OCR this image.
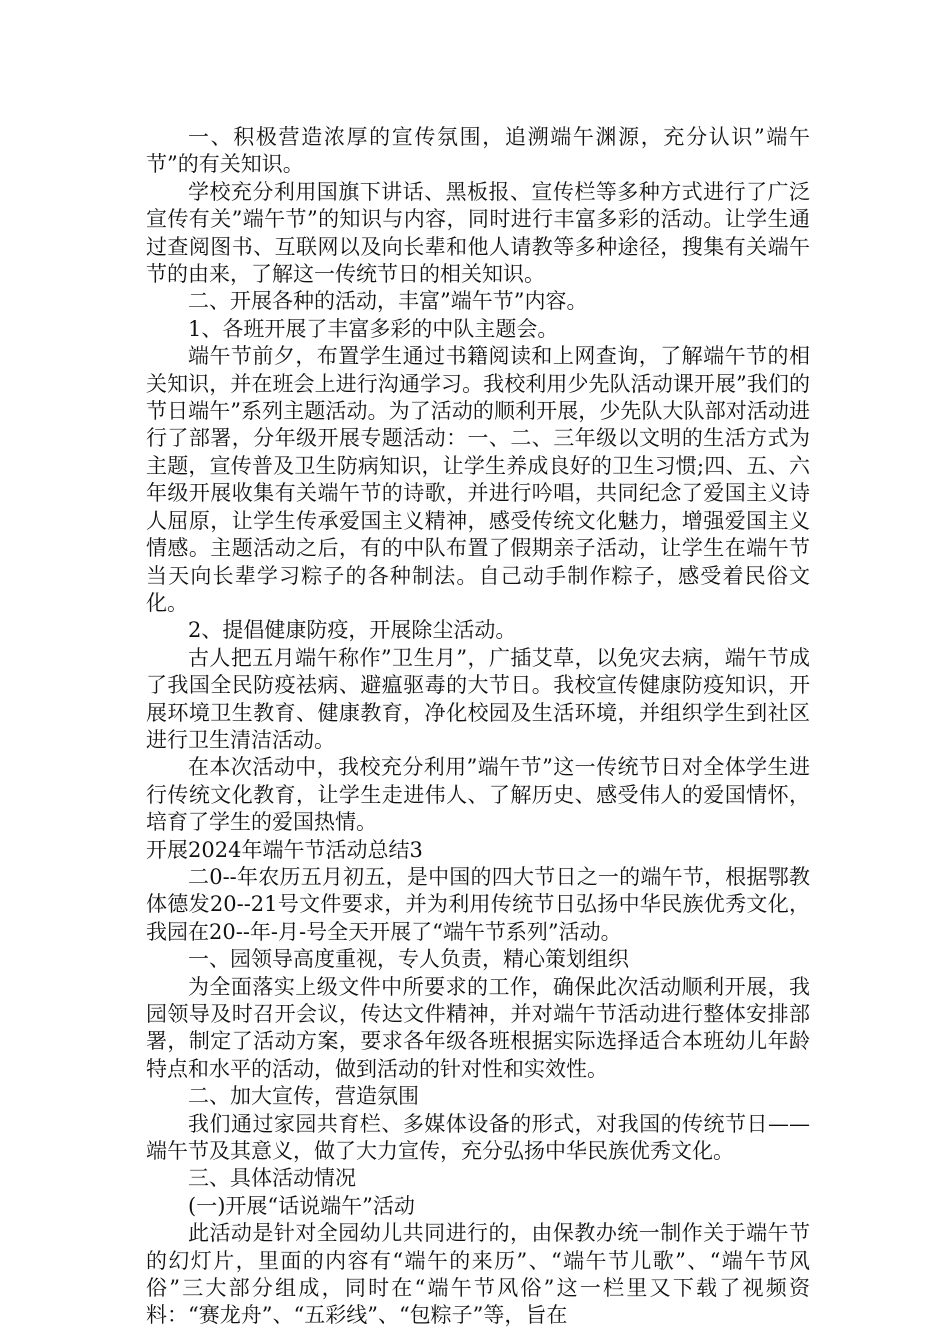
一、积极营造浓厚的宣传氛围，追溯端午渊源，充分认识”端午节”的有关知识。

学校充分利用国旗下讲话、黑板报、宣传栏等多种方式进行了广泛宣传有关”端午节”的知识与内容，同时进行丰富多彩的活动。让学生通过查阅图书、互联网以及向长辈和他人请教等多种途径，搜集有关端午节的由来，了解这一传统节日的相关知识。

二、开展各种的活动，丰富”端午节”内容。

1、各班开展了丰富多彩的中队主题会。

端午节前夕，布置学生通过书籍阅读和上网查询，了解端午节的相关知识，并在班会上进行沟通学习。我校利用少先队活动课开展”我们的节日端午”系列主题活动。为了活动的顺利开展，少先队大队部对活动进行了部署，分年级开展专题活动：一、二、三年级以文明的生活方式为主题，宣传普及卫生防病知识，让学生养成良好的卫生习惯;四、五、六年级开展收集有关端午节的诗歌，并进行吟唱，共同纪念了爱国主义诗人屈原，让学生传承爱国主义精神，感受传统文化魅力，增强爱国主义情感。主题活动之后，有的中队布置了假期亲子活动，让学生在端午节当天向长辈学习粽子的各种制法。自己动手制作粽子，感受着民俗文化。

2、提倡健康防疫，开展除尘活动。

古人把五月端午称作”卫生月”，广插艾草，以免灾去病，端午节成了我国全民防疫祛病、避瘟驱毒的大节日。我校宣传健康防疫知识，开展环境卫生教育、健康教育，净化校园及生活环境，并组织学生到社区进行卫生清洁活动。

在本次活动中，我校充分利用”端午节”这一传统节日对全体学生进行传统文化教育，让学生走进伟人、了解历史、感受伟人的爱国情怀，培育了学生的爱国热情。

开展2024年端午节活动总结3

二0--年农历五月初五，是中国的四大节日之一的端午节，根据鄂教体德发20--21号文件要求，并为利用传统节日弘扬中华民族优秀文化，我园在20--年-月-号全天开展了“端午节系列”活动。

一、园领导高度重视，专人负责，精心策划组织

为全面落实上级文件中所要求的工作，确保此次活动顺利开展，我园领导及时召开会议，传达文件精神，并对端午节活动进行整体安排部署，制定了活动方案，要求各年级各班根据实际选择适合本班幼儿年龄特点和水平的活动，做到活动的针对性和实效性。

二、加大宣传，营造氛围

我们通过家园共育栏、多媒体设备的形式，对我国的传统节日——端午节及其意义，做了大力宣传，充分弘扬中华民族优秀文化。

三、具体活动情况

(一)开展“话说端午”活动

此活动是针对全园幼儿共同进行的，由保教办统一制作关于端午节的幻灯片，里面的内容有“端午的来历”、“端午节儿歌”、“端午节风俗”三大部分组成，同时在“端午节风俗”这一栏里又下载了视频资料：“赛龙舟”、“五彩线”、“包粽子”等，旨在
